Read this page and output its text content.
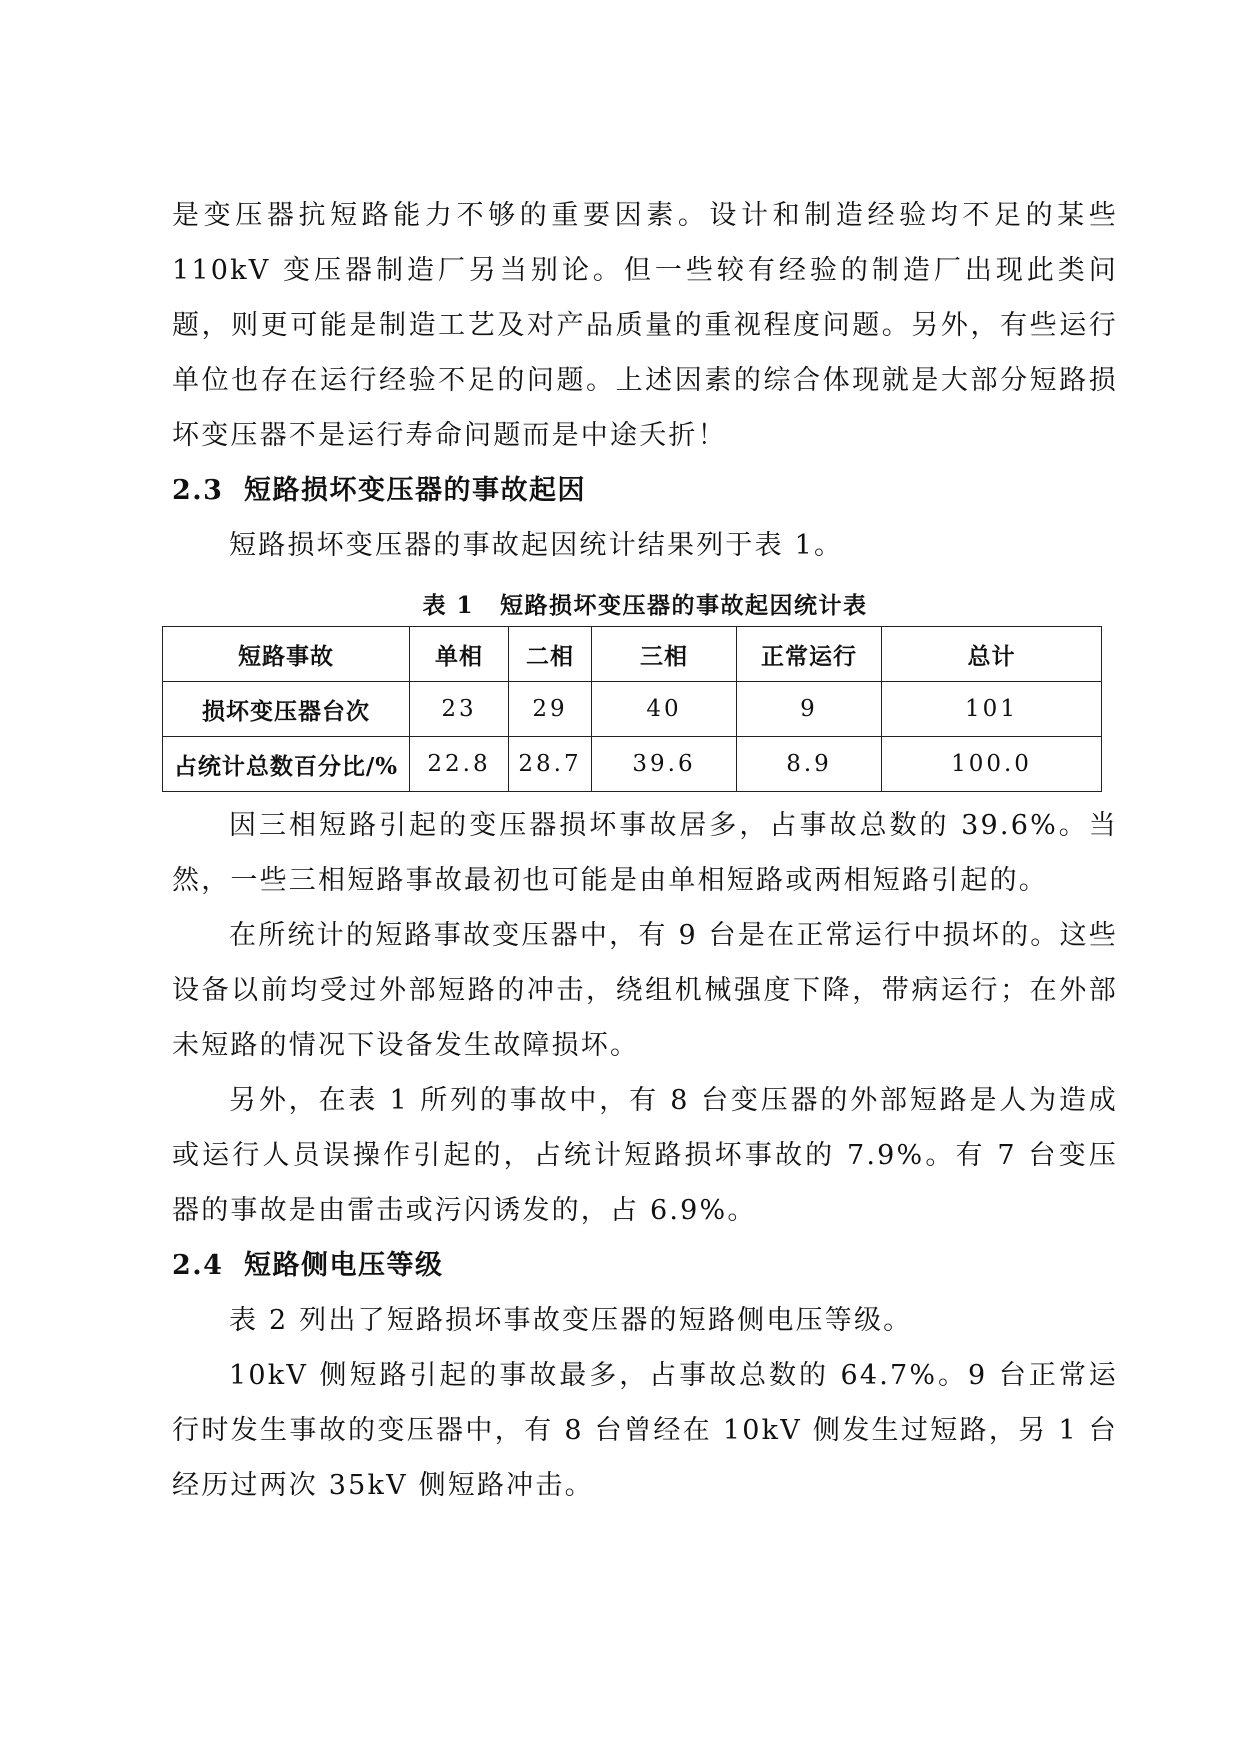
是变压器抗短路能力不够的重要因素。设计和制造经验均不足的某些 110kV 变压器制造厂另当别论。但一些较有经验的制造厂出现此类问题，则更可能是制造工艺及对产品质量的重视程度问题。另外，有些运行单位也存在运行经验不足的问题。上述因素的综合体现就是大部分短路损坏变压器不是运行寿命问题而是中途夭折！

2.3 短路损坏变压器的事故起因

短路损坏变压器的事故起因统计结果列于表 1。

表 1 短路损坏变压器的事故起因统计表
短路事故	单相	二相	三相	正常运行	总计
损坏变压器台次	23	29	40	9	101
占统计总数百分比/%	22.8	28.7	39.6	8.9	100.0

因三相短路引起的变压器损坏事故居多，占事故总数的 39.6%。当然，一些三相短路事故最初也可能是由单相短路或两相短路引起的。

在所统计的短路事故变压器中，有 9 台是在正常运行中损坏的。这些设备以前均受过外部短路的冲击，绕组机械强度下降，带病运行；在外部未短路的情况下设备发生故障损坏。

另外，在表 1 所列的事故中，有 8 台变压器的外部短路是人为造成或运行人员误操作引起的，占统计短路损坏事故的 7.9%。有 7 台变压器的事故是由雷击或污闪诱发的，占 6.9%。

2.4 短路侧电压等级

表 2 列出了短路损坏事故变压器的短路侧电压等级。

10kV 侧短路引起的事故最多，占事故总数的 64.7%。9 台正常运行时发生事故的变压器中，有 8 台曾经在 10kV 侧发生过短路，另 1 台经历过两次 35kV 侧短路冲击。
